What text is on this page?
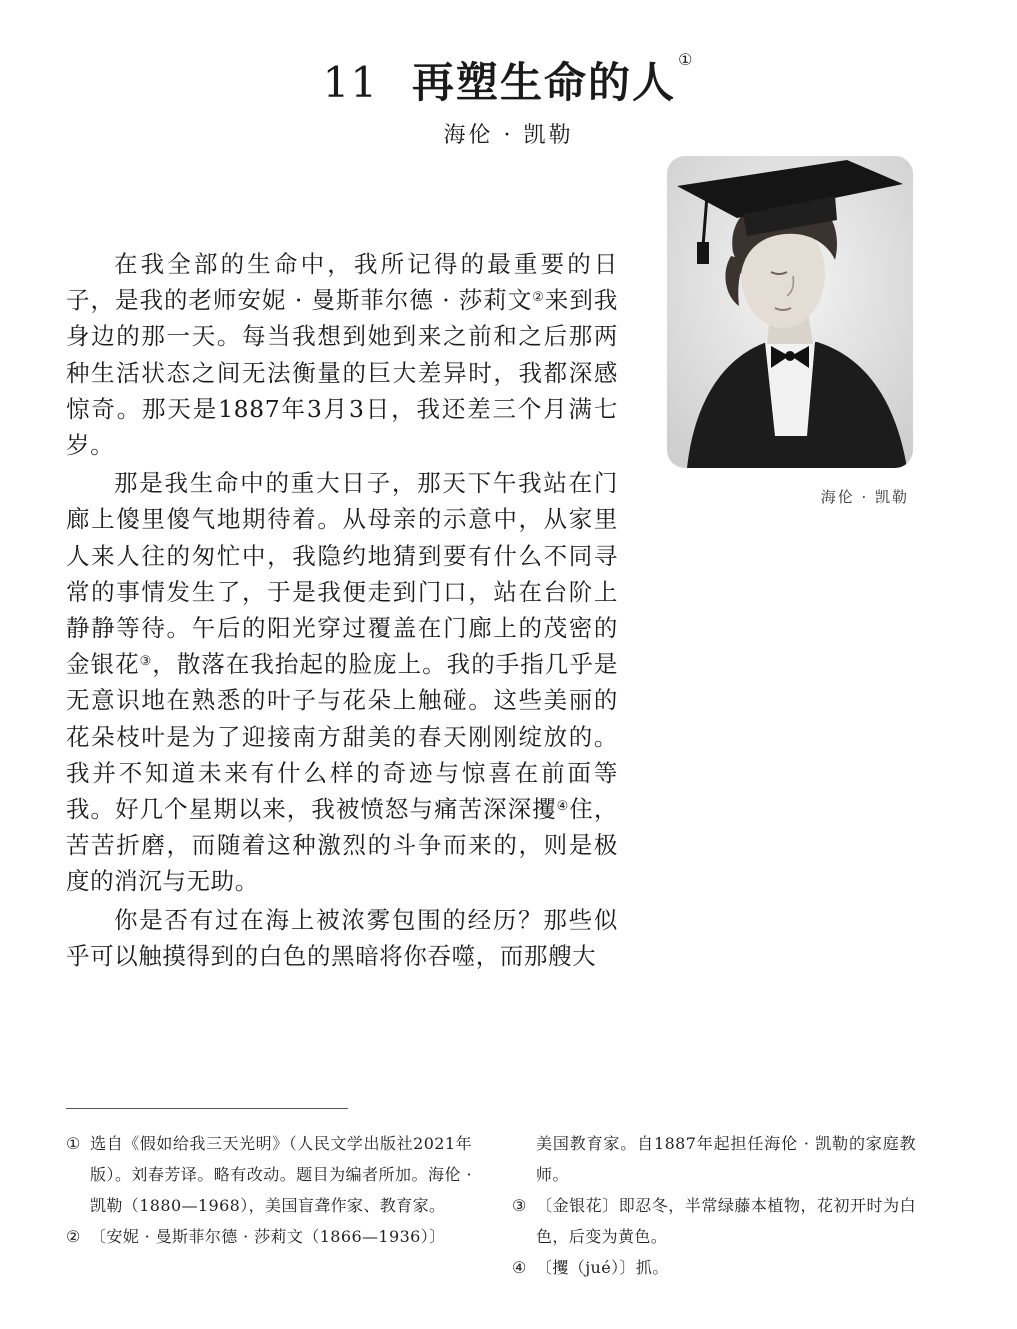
11 再塑生命的人 ①
海伦 · 凯勒
海伦 · 凯勒

在我全部的生命中，我所记得的最重要的日子，是我的老师安妮 · 曼斯菲尔德 · 莎莉文②来到我身边的那一天。每当我想到她到来之前和之后那两种生活状态之间无法衡量的巨大差异时，我都深感惊奇。那天是1887年3月3日，我还差三个月满七岁。

那是我生命中的重大日子，那天下午我站在门廊上傻里傻气地期待着。从母亲的示意中，从家里人来人往的匆忙中，我隐约地猜到要有什么不同寻常的事情发生了，于是我便走到门口，站在台阶上静静等待。午后的阳光穿过覆盖在门廊上的茂密的金银花③，散落在我抬起的脸庞上。我的手指几乎是无意识地在熟悉的叶子与花朵上触碰。这些美丽的花朵枝叶是为了迎接南方甜美的春天刚刚绽放的。我并不知道未来有什么样的奇迹与惊喜在前面等我。好几个星期以来，我被愤怒与痛苦深深攫④住，苦苦折磨，而随着这种激烈的斗争而来的，则是极度的消沉与无助。

你是否有过在海上被浓雾包围的经历？那些似乎可以触摸得到的白色的黑暗将你吞噬，而那艘大

① 选自《假如给我三天光明》（人民文学出版社2021年版）。刘春芳译。略有改动。题目为编者所加。海伦 · 凯勒（1880—1968），美国盲聋作家、教育家。

② 〔安妮 · 曼斯菲尔德 · 莎莉文（1866—1936）〕

美国教育家。自1887年起担任海伦 · 凯勒的家庭教师。

③ 〔金银花〕即忍冬，半常绿藤本植物，花初开时为白色，后变为黄色。

④ 〔攫（jué）〕抓。
